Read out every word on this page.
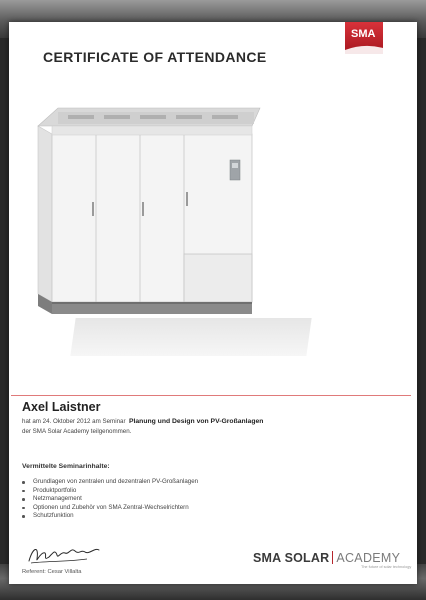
CERTIFICATE OF ATTENDANCE
SMA
Axel Laistner
hat am 24. Oktober 2012 am Seminar Planung und Design von PV-Großanlagen
der SMA Solar Academy teilgenommen.
Vermittelte Seminarinhalte:
Grundlagen von zentralen und dezentralen PV-Großanlagen
Produktportfolio
Netzmanagement
Optionen und Zubehör von SMA Zentral-Wechselrichtern
Schutzfunktion
Referent: Cesar Villalta
SMA SOLAR ACADEMY
The future of solar technology
